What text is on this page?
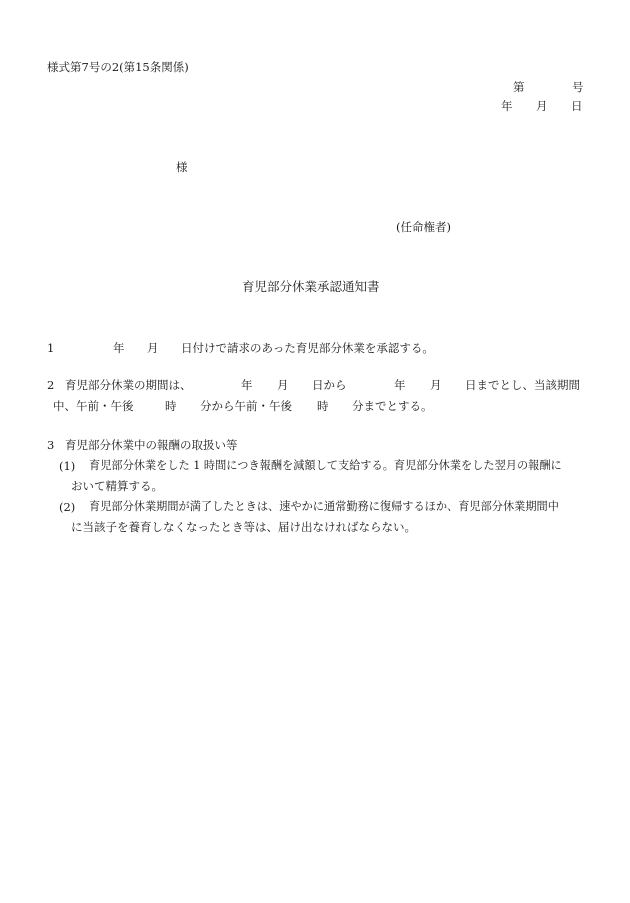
様式第7号の2(第15条関係)
第	号
年 月 日
様
(任命権者)
育児部分休業承認通知書
1	年 月 日付けで請求のあった育児部分休業を承認する。
2 育児部分休業の期間は、	年 月 日から	年 月 日までとし、当該期間
中、午前・午後	時 分から午前・午後 時 分までとする。
3 育児部分休業中の報酬の取扱い等
(1) 育児部分休業をした 1 時間につき報酬を減額して支給する。育児部分休業をした翌月の報酬に
おいて精算する。
(2) 育児部分休業期間が満了したときは、速やかに通常勤務に復帰するほか、育児部分休業期間中
に当該子を養育しなくなったとき等は、届け出なければならない。
